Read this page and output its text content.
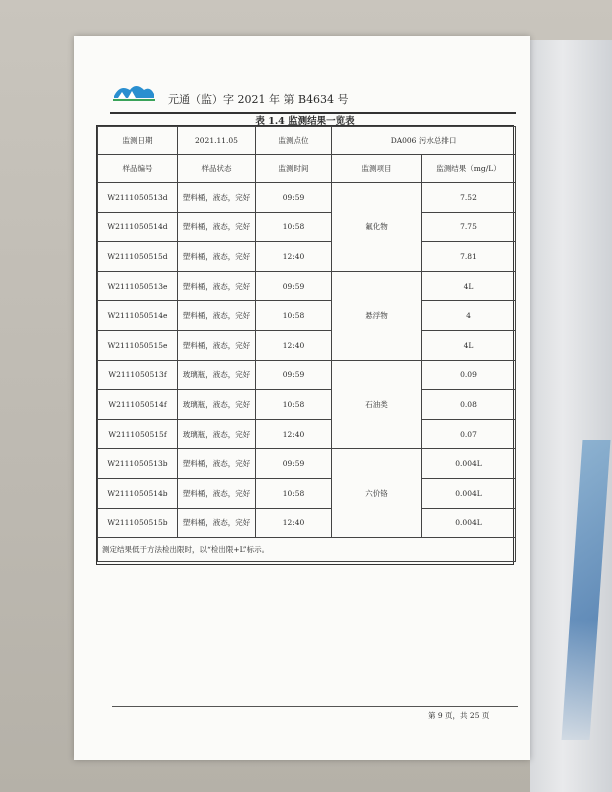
元通（监）字 2021 年 第 B4634 号
表 1.4 监测结果一览表
监测日期	2021.11.05	监测点位	DA006 污水总排口	
样品编号	样品状态	监测时间	监测项目	监测结果（mg/L）
W2111050513d	塑料桶，液态，完好	09:59	氟化物	7.52
W2111050514d	塑料桶，液态，完好	10:58		7.75
W2111050515d	塑料桶，液态，完好	12:40		7.81
W2111050513e	塑料桶，液态，完好	09:59	悬浮物	4L
W2111050514e	塑料桶，液态，完好	10:58		4
W2111050515e	塑料桶，液态，完好	12:40		4L
W2111050513f	玻璃瓶，液态，完好	09:59	石油类	0.09
W2111050514f	玻璃瓶，液态，完好	10:58		0.08
W2111050515f	玻璃瓶，液态，完好	12:40		0.07
W2111050513b	塑料桶，液态，完好	09:59	六价铬	0.004L
W2111050514b	塑料桶，液态，完好	10:58		0.004L
W2111050515b	塑料桶，液态，完好	12:40		0.004L
测定结果低于方法检出限时，以“检出限+L”标示。				
第 9 页，共 25 页
